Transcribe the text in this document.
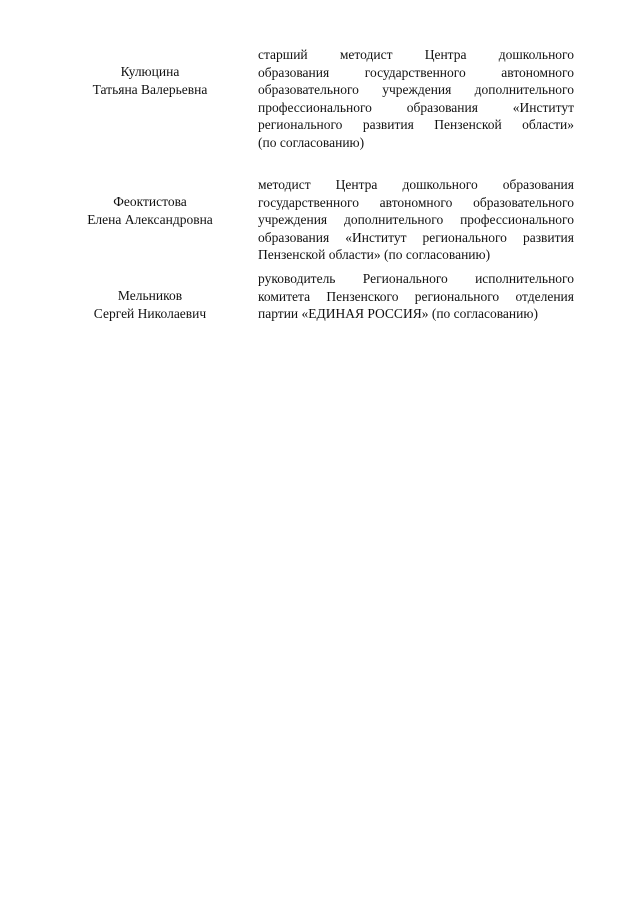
Кулюцина
Татьяна Валерьевна
старший методист Центра дошкольного
образования государственного автономного
образовательного учреждения дополнительного
профессионального образования «Институт
регионального развития Пензенской области»
(по согласованию)
Феоктистова
Елена Александровна
методист Центра дошкольного образования
государственного автономного образовательного
учреждения дополнительного профессионального
образования «Институт регионального развития
Пензенской области» (по согласованию)
Мельников
Сергей Николаевич
руководитель Регионального исполнительного
комитета Пензенского регионального отделения
партии «ЕДИНАЯ РОССИЯ» (по согласованию)
